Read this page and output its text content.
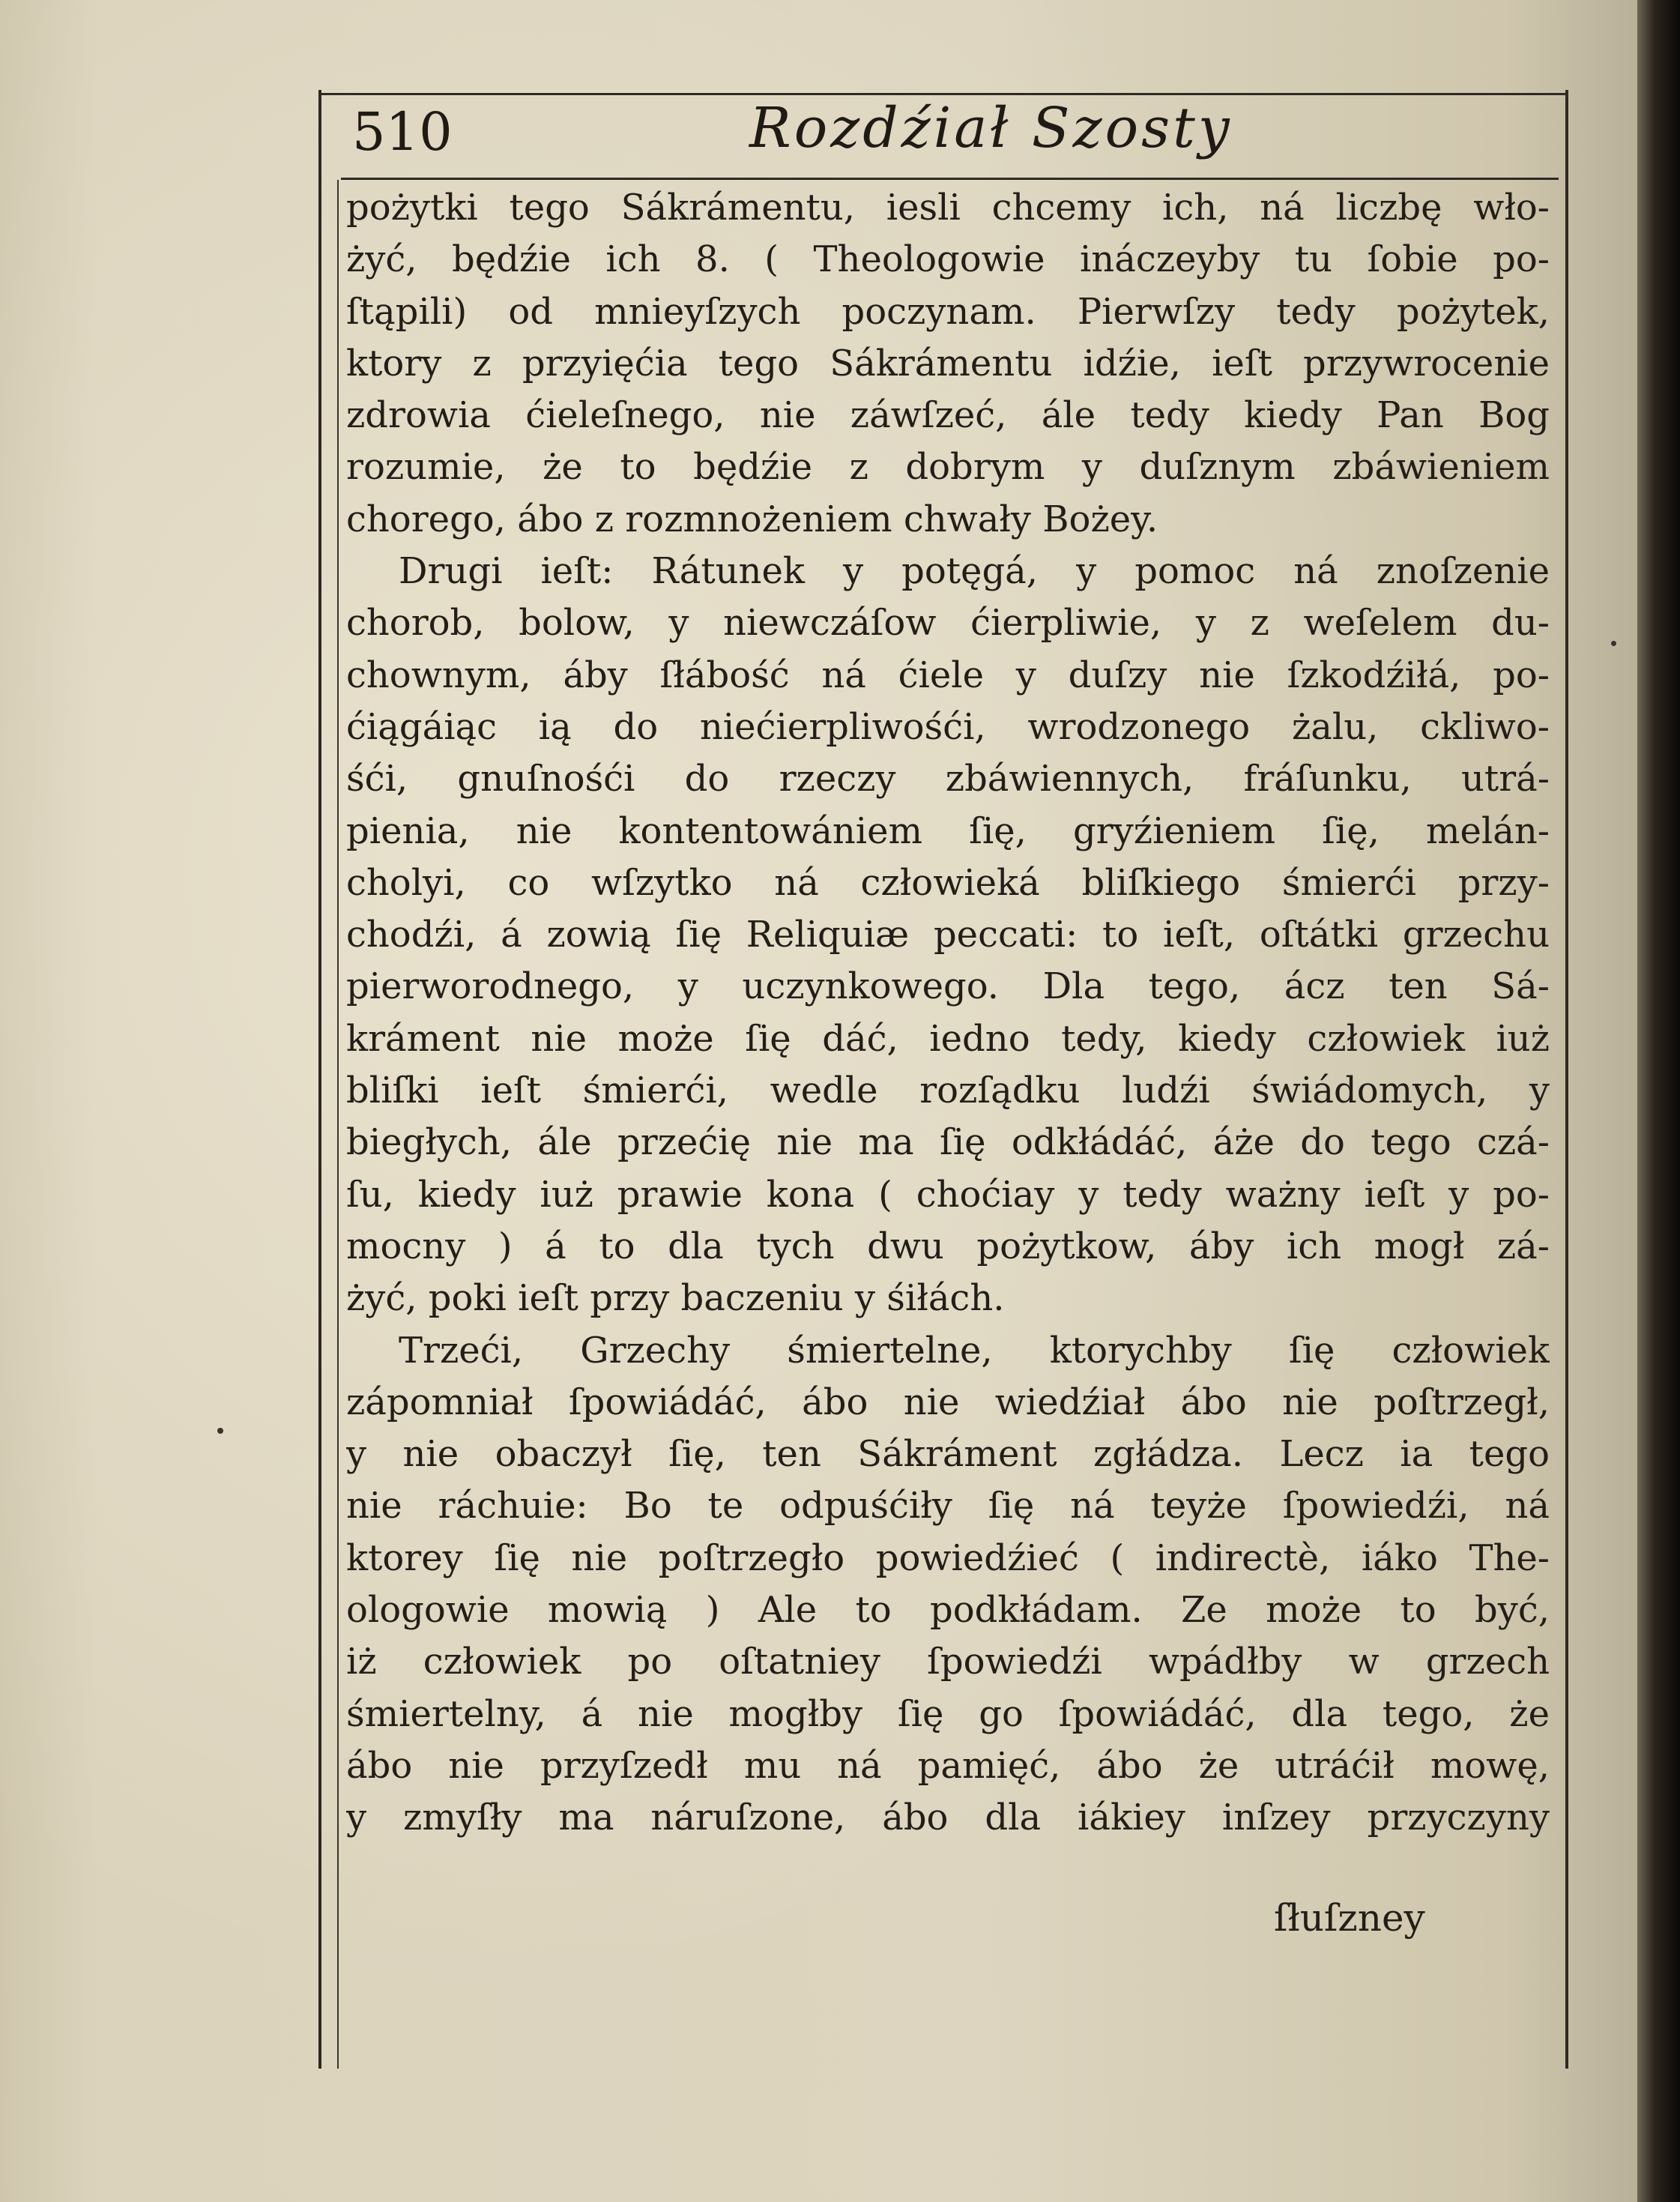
510	Rozdźiał Szosty
pożytki tego Sákrámentu, iesli chcemy ich, ná liczbę wło-
żyć, będźie ich 8. ( Theologowie ináczeyby tu ſobie po-
ſtąpili) od mnieyſzych poczynam. Pierwſzy tedy pożytek,
ktory z przyięćia tego Sákrámentu idźie, ieſt przywrocenie
zdrowia ćieleſnego, nie záwſzeć, ále tedy kiedy Pan Bog
rozumie, że to będźie z dobrym y duſznym zbáwieniem
chorego, ábo z rozmnożeniem chwały Bożey.
Drugi ieſt: Rátunek y potęgá, y pomoc ná znoſzenie
chorob, bolow, y niewczáſow ćierpliwie, y z weſelem du-
chownym, áby ſłábość ná ćiele y duſzy nie ſzkodźiłá, po-
ćiągáiąc ią do niećierpliwośći, wrodzonego żalu, ckliwo-
śći, gnuſnośći do rzeczy zbáwiennych, fráſunku, utrá-
pienia, nie kontentowániem ſię, gryźieniem ſię, melán-
cholyi, co wſzytko ná człowieká bliſkiego śmierći przy-
chodźi, á zowią ſię Reliquiæ peccati: to ieſt, oſtátki grzechu
pierworodnego, y uczynkowego. Dla tego, ácz ten Sá-
kráment nie może ſię dáć, iedno tedy, kiedy człowiek iuż
bliſki ieſt śmierći, wedle rozſądku ludźi świádomych, y
biegłych, ále przećię nie ma ſię odkłádáć, áże do tego czá-
ſu, kiedy iuż prawie kona ( choćiay y tedy ważny ieſt y po-
mocny ) á to dla tych dwu pożytkow, áby ich mogł zá-
żyć, poki ieſt przy baczeniu y śiłách.
Trzeći, Grzechy śmiertelne, ktorychby ſię człowiek
zápomniał ſpowiádáć, ábo nie wiedźiał ábo nie poſtrzegł,
y nie obaczył ſię, ten Sákráment zgłádza. Lecz ia tego
nie ráchuie: Bo te odpuśćiły ſię ná teyże ſpowiedźi, ná
ktorey ſię nie poſtrzegło powiedźieć ( indirectè, iáko The-
ologowie mowią ) Ale to podkłádam. Ze może to być,
iż człowiek po oſtatniey ſpowiedźi wpádłby w grzech
śmiertelny, á nie mogłby ſię go ſpowiádáć, dla tego, że
ábo nie przyſzedł mu ná pamięć, ábo że utráćił mowę,
y zmyſły ma náruſzone, ábo dla iákiey inſzey przyczyny
ſłuſzney
